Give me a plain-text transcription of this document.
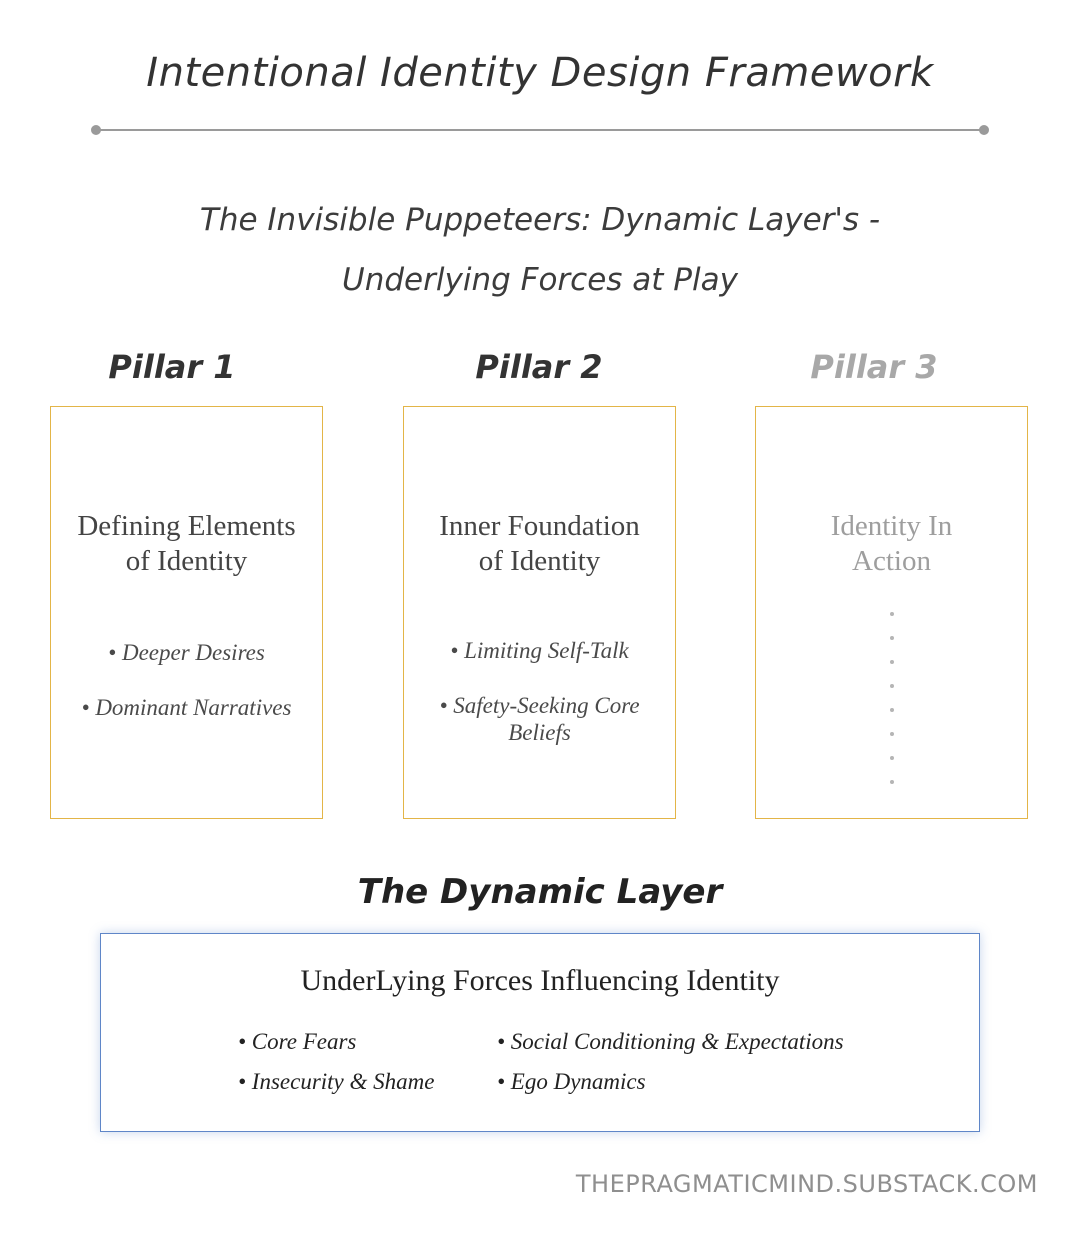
Intentional Identity Design Framework
The Invisible Puppeteers: Dynamic Layer's -
Underlying Forces at Play
Pillar 1	Pillar 2	Pillar 3
Defining Elements
of Identity
• Deeper Desires
• Dominant Narratives
Inner Foundation
of Identity
• Limiting Self-Talk
• Safety-Seeking Core
Beliefs
Identity In
Action
The Dynamic Layer
UnderLying Forces Influencing Identity
• Core Fears
• Insecurity & Shame
• Social Conditioning & Expectations
• Ego Dynamics
THEPRAGMATICMIND.SUBSTACK.COM
